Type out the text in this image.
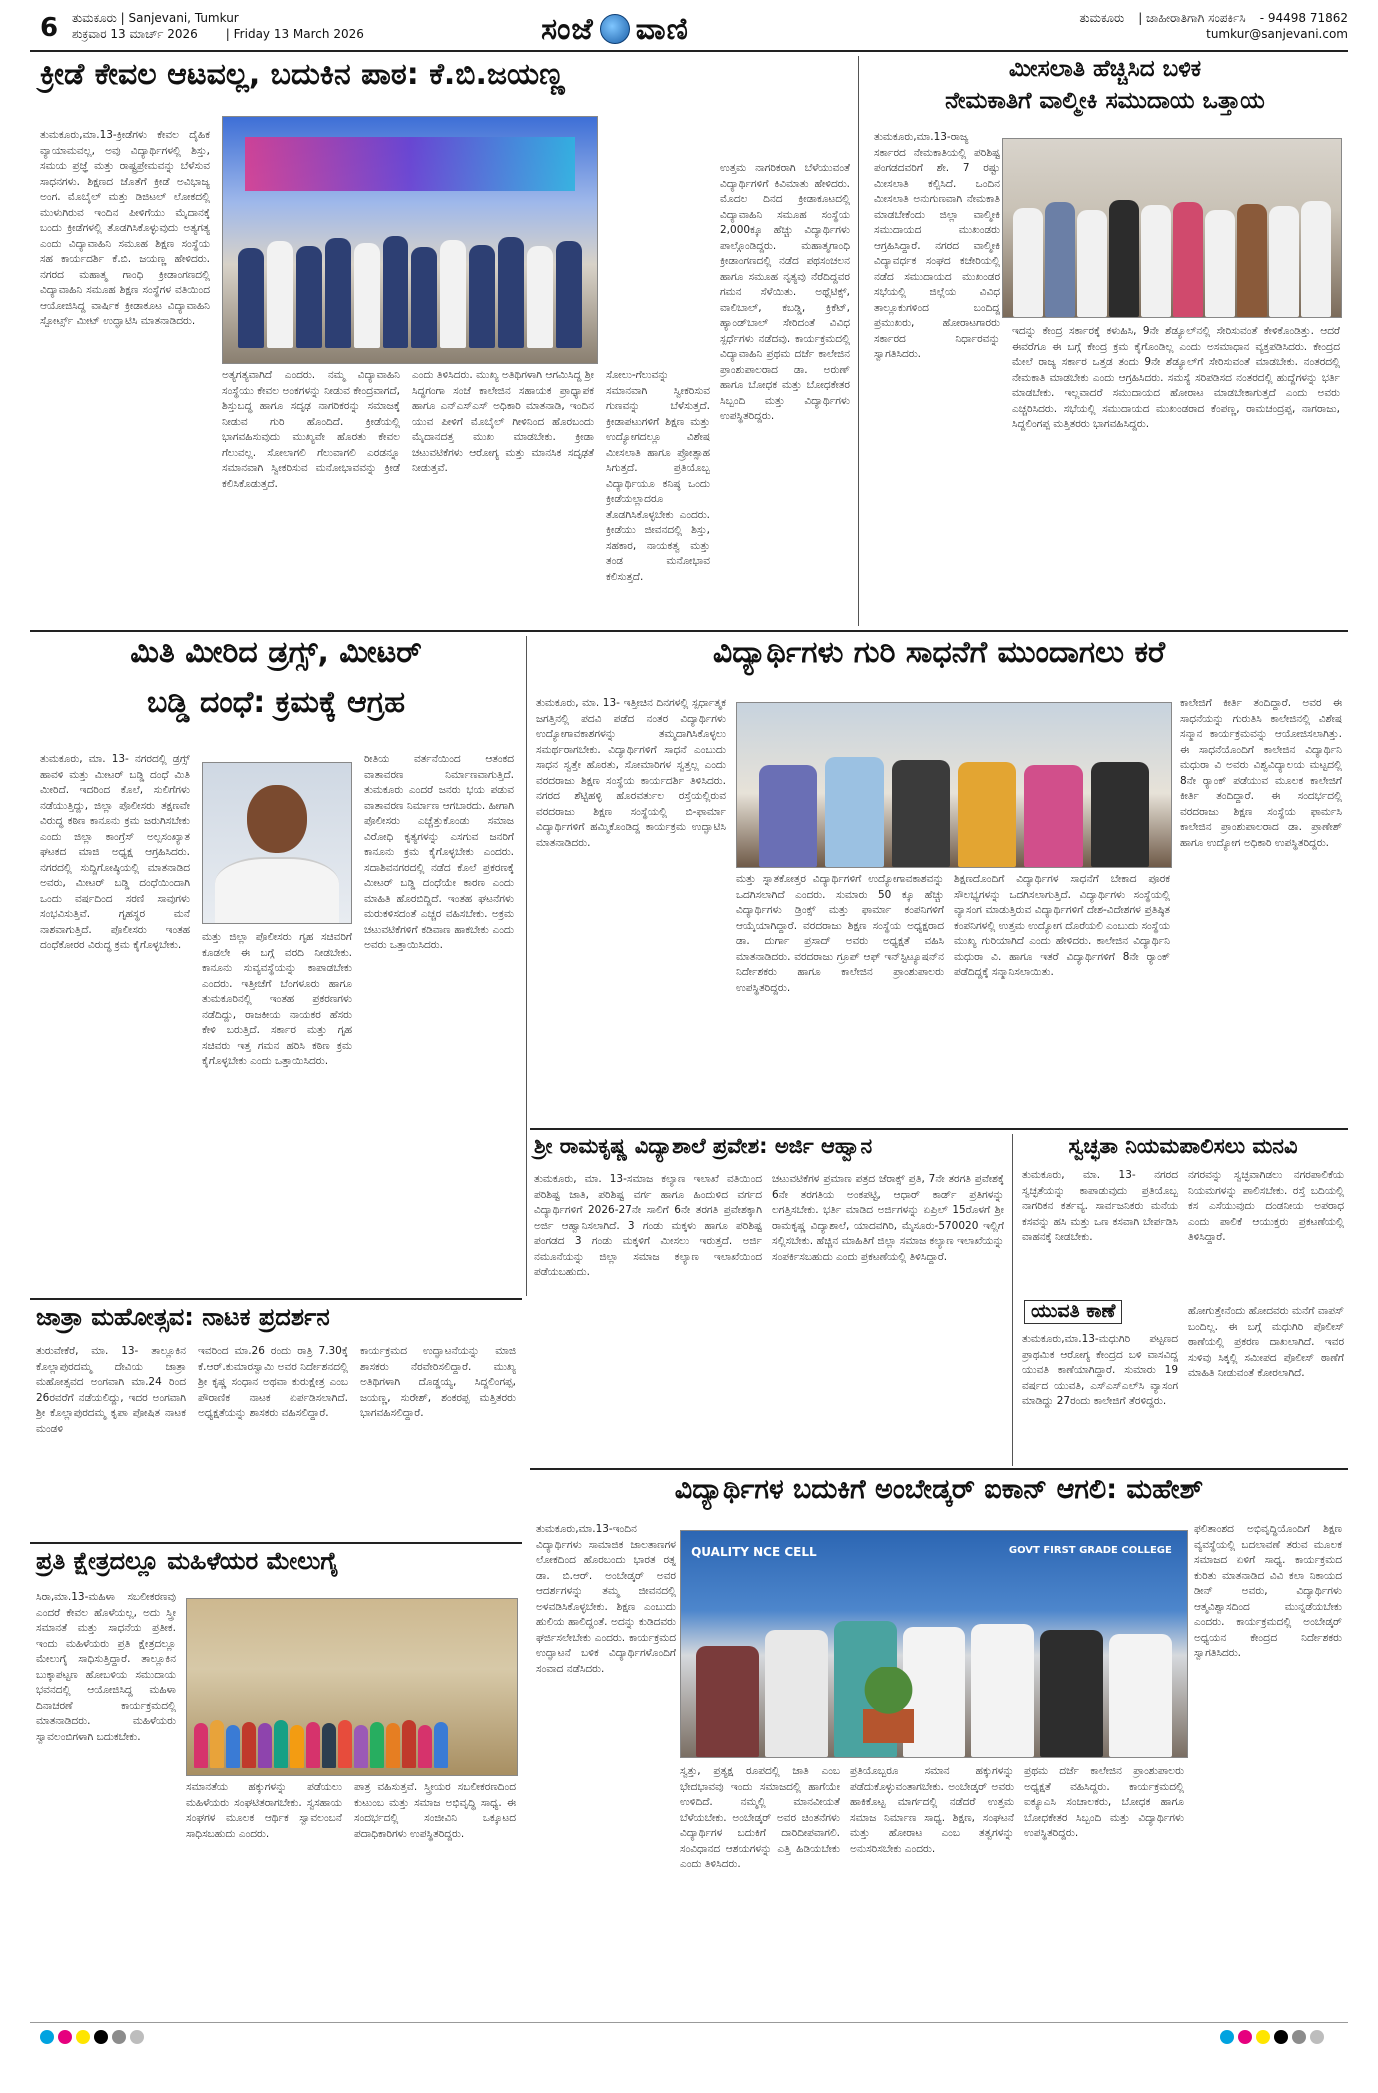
6 ತುಮಕೂರು | Sanjevani, Tumkur
ಶುಕ್ರವಾರ 13 ಮಾರ್ಚ್ 2026 | Friday 13 March 2026	ಸಂಜೆ ವಾಣಿ	ತುಮಕೂರು | ಜಾಹೀರಾತಿಗಾಗಿ ಸಂಪರ್ಕಿಸಿ - 94498 71862
tumkur@sanjevani.com
ಕ್ರೀಡೆ ಕೇವಲ ಆಟವಲ್ಲ, ಬದುಕಿನ ಪಾಠ: ಕೆ.ಬಿ.ಜಯಣ್ಣ
ತುಮಕೂರು,ಮಾ.13-ಕ್ರೀಡೆಗಳು ಕೇವಲ ದೈಹಿಕ ವ್ಯಾಯಾಮವಲ್ಲ, ಅವು ವಿದ್ಯಾರ್ಥಿಗಳಲ್ಲಿ ಶಿಸ್ತು, ಸಮಯ ಪ್ರಜ್ಞೆ ಮತ್ತು ರಾಷ್ಟ್ರಪ್ರೇಮವನ್ನು ಬೆಳೆಸುವ ಸಾಧನಗಳು. ಶಿಕ್ಷಣದ ಜೊತೆಗೆ ಕ್ರೀಡೆ ಅವಿಭಾಜ್ಯ ಅಂಗ. ಮೊಬೈಲ್ ಮತ್ತು ಡಿಜಿಟಲ್ ಲೋಕದಲ್ಲಿ ಮುಳುಗಿರುವ ಇಂದಿನ ಪೀಳಿಗೆಯು ಮೈದಾನಕ್ಕೆ ಬಂದು ಕ್ರೀಡೆಗಳಲ್ಲಿ ತೊಡಗಿಸಿಕೊಳ್ಳುವುದು ಅತ್ಯಗತ್ಯ ಎಂದು ವಿದ್ಯಾವಾಹಿನಿ ಸಮೂಹ ಶಿಕ್ಷಣ ಸಂಸ್ಥೆಯ ಸಹ ಕಾರ್ಯದರ್ಶಿ ಕೆ.ಬಿ. ಜಯಣ್ಣ ಹೇಳಿದರು. ನಗರದ ಮಹಾತ್ಮ ಗಾಂಧಿ ಕ್ರೀಡಾಂಗಣದಲ್ಲಿ ವಿದ್ಯಾವಾಹಿನಿ ಸಮೂಹ ಶಿಕ್ಷಣ ಸಂಸ್ಥೆಗಳ ವತಿಯಿಂದ ಆಯೋಜಿಸಿದ್ದ ವಾರ್ಷಿಕ ಕ್ರೀಡಾಕೂಟ ವಿದ್ಯಾವಾಹಿನಿ ಸ್ಪೋರ್ಟ್ಸ್ ಮೀಟ್ ಉದ್ಘಾಟಿಸಿ ಮಾತನಾಡಿದರು.
ಅತ್ಯಗತ್ಯವಾಗಿದೆ ಎಂದರು. ನಮ್ಮ ವಿದ್ಯಾವಾಹಿನಿ ಸಂಸ್ಥೆಯು ಕೇವಲ ಅಂಕಗಳನ್ನು ನೀಡುವ ಕೇಂದ್ರವಾಗದೆ, ಶಿಸ್ತುಬದ್ಧ ಹಾಗೂ ಸದೃಢ ನಾಗರಿಕರನ್ನು ಸಮಾಜಕ್ಕೆ ನೀಡುವ ಗುರಿ ಹೊಂದಿದೆ. ಕ್ರೀಡೆಯಲ್ಲಿ ಭಾಗವಹಿಸುವುದು ಮುಖ್ಯವೇ ಹೊರತು ಕೇವಲ ಗೆಲುವಲ್ಲ. ಸೋಲಾಗಲಿ ಗೆಲುವಾಗಲಿ ಎರಡನ್ನೂ ಸಮಾನವಾಗಿ ಸ್ವೀಕರಿಸುವ ಮನೋಭಾವವನ್ನು ಕ್ರೀಡೆ ಕಲಿಸಿಕೊಡುತ್ತದೆ.
ಎಂದು ತಿಳಿಸಿದರು. ಮುಖ್ಯ ಅತಿಥಿಗಳಾಗಿ ಆಗಮಿಸಿದ್ದ ಶ್ರೀ ಸಿದ್ಧಗಂಗಾ ಸಂಜೆ ಕಾಲೇಜಿನ ಸಹಾಯಕ ಪ್ರಾಧ್ಯಾಪಕ ಹಾಗೂ ಎನ್‌ಎಸ್‌ಎಸ್ ಅಧಿಕಾರಿ ಮಾತನಾಡಿ, ಇಂದಿನ ಯುವ ಪೀಳಿಗೆ ಮೊಬೈಲ್ ಗೀಳಿನಿಂದ ಹೊರಬಂದು ಮೈದಾನದತ್ತ ಮುಖ ಮಾಡಬೇಕು. ಕ್ರೀಡಾ ಚಟುವಟಿಕೆಗಳು ಆರೋಗ್ಯ ಮತ್ತು ಮಾನಸಿಕ ಸದೃಢತೆ ನೀಡುತ್ತವೆ.
ಸೋಲು-ಗೆಲುವನ್ನು ಸಮಾನವಾಗಿ ಸ್ವೀಕರಿಸುವ ಗುಣವನ್ನು ಬೆಳೆಸುತ್ತದೆ. ಕ್ರೀಡಾಪಟುಗಳಿಗೆ ಶಿಕ್ಷಣ ಮತ್ತು ಉದ್ಯೋಗದಲ್ಲೂ ವಿಶೇಷ ಮೀಸಲಾತಿ ಹಾಗೂ ಪ್ರೋತ್ಸಾಹ ಸಿಗುತ್ತದೆ. ಪ್ರತಿಯೊಬ್ಬ ವಿದ್ಯಾರ್ಥಿಯೂ ಕನಿಷ್ಠ ಒಂದು ಕ್ರೀಡೆಯಲ್ಲಾದರೂ ತೊಡಗಿಸಿಕೊಳ್ಳಬೇಕು ಎಂದರು. ಕ್ರೀಡೆಯು ಜೀವನದಲ್ಲಿ ಶಿಸ್ತು, ಸಹಕಾರ, ನಾಯಕತ್ವ ಮತ್ತು ತಂಡ ಮನೋಭಾವ ಕಲಿಸುತ್ತದೆ.
ಉತ್ತಮ ನಾಗರಿಕರಾಗಿ ಬೆಳೆಯುವಂತೆ ವಿದ್ಯಾರ್ಥಿಗಳಿಗೆ ಕಿವಿಮಾತು ಹೇಳಿದರು. ಮೊದಲ ದಿನದ ಕ್ರೀಡಾಕೂಟದಲ್ಲಿ ವಿದ್ಯಾವಾಹಿನಿ ಸಮೂಹ ಸಂಸ್ಥೆಯ 2,000ಕ್ಕೂ ಹೆಚ್ಚು ವಿದ್ಯಾರ್ಥಿಗಳು ಪಾಲ್ಗೊಂಡಿದ್ದರು. ಮಹಾತ್ಮಗಾಂಧಿ ಕ್ರೀಡಾಂಗಣದಲ್ಲಿ ನಡೆದ ಪಥಸಂಚಲನ ಹಾಗೂ ಸಮೂಹ ನೃತ್ಯವು ನೆರೆದಿದ್ದವರ ಗಮನ ಸೆಳೆಯಿತು. ಅಥ್ಲೆಟಿಕ್ಸ್, ವಾಲಿಬಾಲ್, ಕಬಡ್ಡಿ, ಕ್ರಿಕೆಟ್, ಹ್ಯಾಂಡ್‌ಬಾಲ್ ಸೇರಿದಂತೆ ವಿವಿಧ ಸ್ಪರ್ಧೆಗಳು ನಡೆದವು. ಕಾರ್ಯಕ್ರಮದಲ್ಲಿ ವಿದ್ಯಾವಾಹಿನಿ ಪ್ರಥಮ ದರ್ಜೆ ಕಾಲೇಜಿನ ಪ್ರಾಂಶುಪಾಲರಾದ ಡಾ. ಅರುಣ್ ಹಾಗೂ ಬೋಧಕ ಮತ್ತು ಬೋಧಕೇತರ ಸಿಬ್ಬಂದಿ ಮತ್ತು ವಿದ್ಯಾರ್ಥಿಗಳು ಉಪಸ್ಥಿತರಿದ್ದರು.
ಮೀಸಲಾತಿ ಹೆಚ್ಚಿಸಿದ ಬಳಿಕ
ನೇಮಕಾತಿಗೆ ವಾಲ್ಮೀಕಿ ಸಮುದಾಯ ಒತ್ತಾಯ
ತುಮಕೂರು,ಮಾ.13-ರಾಜ್ಯ ಸರ್ಕಾರದ ನೇಮಕಾತಿಯಲ್ಲಿ ಪರಿಶಿಷ್ಟ ಪಂಗಡದವರಿಗೆ ಶೇ. 7 ರಷ್ಟು ಮೀಸಲಾತಿ ಕಲ್ಪಿಸಿದೆ. ಒಂದಿನ ಮೀಸಲಾತಿ ಅನುಗುಣವಾಗಿ ನೇಮಕಾತಿ ಮಾಡಬೇಕೆಂದು ಜಿಲ್ಲಾ ವಾಲ್ಮೀಕಿ ಸಮುದಾಯದ ಮುಖಂಡರು ಆಗ್ರಹಿಸಿದ್ದಾರೆ. ನಗರದ ವಾಲ್ಮೀಕಿ ವಿದ್ಯಾವರ್ಧಕ ಸಂಘದ ಕಚೇರಿಯಲ್ಲಿ ನಡೆದ ಸಮುದಾಯದ ಮುಖಂಡರ ಸಭೆಯಲ್ಲಿ ಜಿಲ್ಲೆಯ ವಿವಿಧ ತಾಲ್ಲೂಕುಗಳಿಂದ ಬಂದಿದ್ದ ಪ್ರಮುಖರು, ಹೋರಾಟಗಾರರು ಸರ್ಕಾರದ ನಿರ್ಧಾರವನ್ನು ಸ್ವಾಗತಿಸಿದರು.
ಇದನ್ನು ಕೇಂದ್ರ ಸರ್ಕಾರಕ್ಕೆ ಕಳುಹಿಸಿ, 9ನೇ ಶೆಡ್ಯೂಲ್‌ನಲ್ಲಿ ಸೇರಿಸುವಂತೆ ಕೇಳಿಕೊಂಡಿತ್ತು. ಆದರೆ ಈವರೆಗೂ ಈ ಬಗ್ಗೆ ಕೇಂದ್ರ ಕ್ರಮ ಕೈಗೊಂಡಿಲ್ಲ ಎಂದು ಅಸಮಾಧಾನ ವ್ಯಕ್ತಪಡಿಸಿದರು. ಕೇಂದ್ರದ ಮೇಲೆ ರಾಜ್ಯ ಸರ್ಕಾರ ಒತ್ತಡ ತಂದು 9ನೇ ಶೆಡ್ಯೂಲ್‌ಗೆ ಸೇರಿಸುವಂತೆ ಮಾಡಬೇಕು. ನಂತರದಲ್ಲಿ ನೇಮಕಾತಿ ಮಾಡಬೇಕು ಎಂದು ಆಗ್ರಹಿಸಿದರು. ಸಮಸ್ಯೆ ಸರಿಪಡಿಸದ ನಂತರದಲ್ಲಿ ಹುದ್ದೆಗಳನ್ನು ಭರ್ತಿ ಮಾಡಬೇಕು. ಇಲ್ಲವಾದರೆ ಸಮುದಾಯದ ಹೋರಾಟ ಮಾಡಬೇಕಾಗುತ್ತದೆ ಎಂದು ಅವರು ಎಚ್ಚರಿಸಿದರು. ಸಭೆಯಲ್ಲಿ ಸಮುದಾಯದ ಮುಖಂಡರಾದ ಕೆಂಪಣ್ಣ, ರಾಮಚಂದ್ರಪ್ಪ, ನಾಗರಾಜು, ಸಿದ್ದಲಿಂಗಪ್ಪ ಮತ್ತಿತರರು ಭಾಗವಹಿಸಿದ್ದರು.
ಮಿತಿ ಮೀರಿದ ಡ್ರಗ್ಸ್, ಮೀಟರ್
ಬಡ್ಡಿ ದಂಧೆ: ಕ್ರಮಕ್ಕೆ ಆಗ್ರಹ
ತುಮಕೂರು, ಮಾ. 13- ನಗರದಲ್ಲಿ ಡ್ರಗ್ಸ್ ಹಾವಳಿ ಮತ್ತು ಮೀಟರ್ ಬಡ್ಡಿ ದಂಧೆ ಮಿತಿ ಮೀರಿದೆ. ಇದರಿಂದ ಕೊಲೆ, ಸುಲಿಗೆಗಳು ನಡೆಯುತ್ತಿದ್ದು, ಜಿಲ್ಲಾ ಪೊಲೀಸರು ತಕ್ಷಣವೇ ವಿರುದ್ಧ ಕಠಿಣ ಕಾನೂನು ಕ್ರಮ ಜರುಗಿಸಬೇಕು ಎಂದು ಜಿಲ್ಲಾ ಕಾಂಗ್ರೆಸ್ ಅಲ್ಪಸಂಖ್ಯಾತ ಘಟಕದ ಮಾಜಿ ಅಧ್ಯಕ್ಷ ಆಗ್ರಹಿಸಿದರು. ನಗರದಲ್ಲಿ ಸುದ್ದಿಗೋಷ್ಠಿಯಲ್ಲಿ ಮಾತನಾಡಿದ ಅವರು, ಮೀಟರ್ ಬಡ್ಡಿ ದಂಧೆಯಿಂದಾಗಿ ಒಂದು ವರ್ಷದಿಂದ ಸರಣಿ ಸಾವುಗಳು ಸಂಭವಿಸುತ್ತಿವೆ. ಗೃಹಸ್ಥರ ಮನೆ ನಾಶವಾಗುತ್ತಿದೆ. ಪೊಲೀಸರು ಇಂತಹ ದಂಧೆಕೋರರ ವಿರುದ್ಧ ಕ್ರಮ ಕೈಗೊಳ್ಳಬೇಕು.
ಮತ್ತು ಜಿಲ್ಲಾ ಪೊಲೀಸರು ಗೃಹ ಸಚಿವರಿಗೆ ಕೂಡಲೇ ಈ ಬಗ್ಗೆ ವರದಿ ನೀಡಬೇಕು. ಕಾನೂನು ಸುವ್ಯವಸ್ಥೆಯನ್ನು ಕಾಪಾಡಬೇಕು ಎಂದರು. ಇತ್ತೀಚೆಗೆ ಬೆಂಗಳೂರು ಹಾಗೂ ತುಮಕೂರಿನಲ್ಲಿ ಇಂತಹ ಪ್ರಕರಣಗಳು ನಡೆದಿದ್ದು, ರಾಜಕೀಯ ನಾಯಕರ ಹೆಸರು ಕೇಳಿ ಬರುತ್ತಿದೆ. ಸರ್ಕಾರ ಮತ್ತು ಗೃಹ ಸಚಿವರು ಇತ್ತ ಗಮನ ಹರಿಸಿ ಕಠಿಣ ಕ್ರಮ ಕೈಗೊಳ್ಳಬೇಕು ಎಂದು ಒತ್ತಾಯಿಸಿದರು.
ರೀತಿಯ ವರ್ತನೆಯಿಂದ ಆತಂಕದ ವಾತಾವರಣ ನಿರ್ಮಾಣವಾಗುತ್ತಿದೆ. ತುಮಕೂರು ಎಂದರೆ ಜನರು ಭಯ ಪಡುವ ವಾತಾವರಣ ನಿರ್ಮಾಣ ಆಗಬಾರದು. ಹೀಗಾಗಿ ಪೊಲೀಸರು ಎಚ್ಚೆತ್ತುಕೊಂಡು ಸಮಾಜ ವಿರೋಧಿ ಕೃತ್ಯಗಳನ್ನು ಎಸಗುವ ಜನರಿಗೆ ಕಾನೂನು ಕ್ರಮ ಕೈಗೊಳ್ಳಬೇಕು ಎಂದರು. ಸದಾಶಿವನಗರದಲ್ಲಿ ನಡೆದ ಕೊಲೆ ಪ್ರಕರಣಕ್ಕೆ ಮೀಟರ್ ಬಡ್ಡಿ ದಂಧೆಯೇ ಕಾರಣ ಎಂದು ಮಾಹಿತಿ ಹೊರಬಿದ್ದಿದೆ. ಇಂತಹ ಘಟನೆಗಳು ಮರುಕಳಿಸದಂತೆ ಎಚ್ಚರ ವಹಿಸಬೇಕು. ಅಕ್ರಮ ಚಟುವಟಿಕೆಗಳಿಗೆ ಕಡಿವಾಣ ಹಾಕಬೇಕು ಎಂದು ಅವರು ಒತ್ತಾಯಿಸಿದರು.
ವಿದ್ಯಾರ್ಥಿಗಳು ಗುರಿ ಸಾಧನೆಗೆ ಮುಂದಾಗಲು ಕರೆ
ತುಮಕೂರು, ಮಾ. 13- ಇತ್ತೀಚಿನ ದಿನಗಳಲ್ಲಿ ಸ್ಪರ್ಧಾತ್ಮಕ ಜಗತ್ತಿನಲ್ಲಿ ಪದವಿ ಪಡೆದ ನಂತರ ವಿದ್ಯಾರ್ಥಿಗಳು ಉದ್ಯೋಗಾವಕಾಶಗಳನ್ನು ತಮ್ಮದಾಗಿಸಿಕೊಳ್ಳಲು ಸಮರ್ಥರಾಗಬೇಕು. ವಿದ್ಯಾರ್ಥಿಗಳಿಗೆ ಸಾಧನೆ ಎಂಬುದು ಸಾಧನ ಸ್ವತ್ತೇ ಹೊರತು, ಸೋಮಾರಿಗಳ ಸ್ವತ್ತಲ್ಲ ಎಂದು ವರದರಾಜು ಶಿಕ್ಷಣ ಸಂಸ್ಥೆಯ ಕಾರ್ಯದರ್ಶಿ ತಿಳಿಸಿದರು. ನಗರದ ಶೆಟ್ಟಿಹಳ್ಳಿ ಹೊರವರ್ತುಲ ರಸ್ತೆಯಲ್ಲಿರುವ ವರದರಾಜು ಶಿಕ್ಷಣ ಸಂಸ್ಥೆಯಲ್ಲಿ ಬಿ-ಫಾರ್ಮಾ ವಿದ್ಯಾರ್ಥಿಗಳಿಗೆ ಹಮ್ಮಿಕೊಂಡಿದ್ದ ಕಾರ್ಯಕ್ರಮ ಉದ್ಘಾಟಿಸಿ ಮಾತನಾಡಿದರು.
ಮತ್ತು ಸ್ನಾತಕೋತ್ತರ ವಿದ್ಯಾರ್ಥಿಗಳಿಗೆ ಉದ್ಯೋಗಾವಕಾಶವನ್ನು ಒದಗಿಸಲಾಗಿದೆ ಎಂದರು. ಸುಮಾರು 50 ಕ್ಕೂ ಹೆಚ್ಚು ವಿದ್ಯಾರ್ಥಿಗಳು ಡ್ರಿಂಕ್ಸ್ ಮತ್ತು ಫಾರ್ಮಾ ಕಂಪನಿಗಳಿಗೆ ಆಯ್ಕೆಯಾಗಿದ್ದಾರೆ. ವರದರಾಜು ಶಿಕ್ಷಣ ಸಂಸ್ಥೆಯ ಅಧ್ಯಕ್ಷರಾದ ಡಾ. ದುರ್ಗಾ ಪ್ರಸಾದ್ ಅವರು ಅಧ್ಯಕ್ಷತೆ ವಹಿಸಿ ಮಾತನಾಡಿದರು. ವರದರಾಜು ಗ್ರೂಪ್ ಆಫ್ ಇನ್‌ಸ್ಟಿಟ್ಯೂಷನ್‌ನ ನಿರ್ದೇಶಕರು ಹಾಗೂ ಕಾಲೇಜಿನ ಪ್ರಾಂಶುಪಾಲರು ಉಪಸ್ಥಿತರಿದ್ದರು.
ಶಿಕ್ಷಣದೊಂದಿಗೆ ವಿದ್ಯಾರ್ಥಿಗಳ ಸಾಧನೆಗೆ ಬೇಕಾದ ಪೂರಕ ಸೌಲಭ್ಯಗಳನ್ನು ಒದಗಿಸಲಾಗುತ್ತಿದೆ. ವಿದ್ಯಾರ್ಥಿಗಳು ಸಂಸ್ಥೆಯಲ್ಲಿ ವ್ಯಾಸಂಗ ಮಾಡುತ್ತಿರುವ ವಿದ್ಯಾರ್ಥಿಗಳಿಗೆ ದೇಶ-ವಿದೇಶಗಳ ಪ್ರತಿಷ್ಠಿತ ಕಂಪನಿಗಳಲ್ಲಿ ಉತ್ತಮ ಉದ್ಯೋಗ ದೊರೆಯಲಿ ಎಂಬುದು ಸಂಸ್ಥೆಯ ಮುಖ್ಯ ಗುರಿಯಾಗಿದೆ ಎಂದು ಹೇಳಿದರು. ಕಾಲೇಜಿನ ವಿದ್ಯಾರ್ಥಿನಿ ಮಧುರಾ ವಿ. ಹಾಗೂ ಇತರೆ ವಿದ್ಯಾರ್ಥಿಗಳಿಗೆ 8ನೇ ರ್‍ಯಾಂಕ್ ಪಡೆದಿದ್ದಕ್ಕೆ ಸನ್ಮಾನಿಸಲಾಯಿತು.
ಕಾಲೇಜಿಗೆ ಕೀರ್ತಿ ತಂದಿದ್ದಾರೆ. ಅವರ ಈ ಸಾಧನೆಯನ್ನು ಗುರುತಿಸಿ ಕಾಲೇಜಿನಲ್ಲಿ ವಿಶೇಷ ಸನ್ಮಾನ ಕಾರ್ಯಕ್ರಮವನ್ನು ಆಯೋಜಿಸಲಾಗಿತ್ತು. ಈ ಸಾಧನೆಯೊಂದಿಗೆ ಕಾಲೇಜಿನ ವಿದ್ಯಾರ್ಥಿನಿ ಮಧುರಾ ವಿ ಅವರು ವಿಶ್ವವಿದ್ಯಾಲಯ ಮಟ್ಟದಲ್ಲಿ 8ನೇ ರ್‍ಯಾಂಕ್ ಪಡೆಯುವ ಮೂಲಕ ಕಾಲೇಜಿಗೆ ಕೀರ್ತಿ ತಂದಿದ್ದಾರೆ. ಈ ಸಂದರ್ಭದಲ್ಲಿ ವರದರಾಜು ಶಿಕ್ಷಣ ಸಂಸ್ಥೆಯ ಫಾರ್ಮಸಿ ಕಾಲೇಜಿನ ಪ್ರಾಂಶುಪಾಲರಾದ ಡಾ. ಪ್ರಾಣೇಶ್ ಹಾಗೂ ಉದ್ಯೋಗ ಅಧಿಕಾರಿ ಉಪಸ್ಥಿತರಿದ್ದರು.
ಶ್ರೀ ರಾಮಕೃಷ್ಣ ವಿದ್ಯಾಶಾಲೆ ಪ್ರವೇಶ: ಅರ್ಜಿ ಆಹ್ವಾನ
ತುಮಕೂರು, ಮಾ. 13-ಸಮಾಜ ಕಲ್ಯಾಣ ಇಲಾಖೆ ವತಿಯಿಂದ ಪರಿಶಿಷ್ಟ ಜಾತಿ, ಪರಿಶಿಷ್ಟ ವರ್ಗ ಹಾಗೂ ಹಿಂದುಳಿದ ವರ್ಗದ ವಿದ್ಯಾರ್ಥಿಗಳಿಗೆ 2026-27ನೇ ಸಾಲಿಗೆ 6ನೇ ತರಗತಿ ಪ್ರವೇಶಕ್ಕಾಗಿ ಅರ್ಜಿ ಆಹ್ವಾನಿಸಲಾಗಿದೆ. 3 ಗಂಡು ಮಕ್ಕಳು ಹಾಗೂ ಪರಿಶಿಷ್ಟ ಪಂಗಡದ 3 ಗಂಡು ಮಕ್ಕಳಿಗೆ ಮೀಸಲು ಇರುತ್ತದೆ. ಅರ್ಜಿ ನಮೂನೆಯನ್ನು ಜಿಲ್ಲಾ ಸಮಾಜ ಕಲ್ಯಾಣ ಇಲಾಖೆಯಿಂದ ಪಡೆಯಬಹುದು.
ಚಟುವಟಿಕೆಗಳ ಪ್ರಮಾಣ ಪತ್ರದ ಜೆರಾಕ್ಸ್ ಪ್ರತಿ, 7ನೇ ತರಗತಿ ಪ್ರವೇಶಕ್ಕೆ 6ನೇ ತರಗತಿಯ ಅಂಕಪಟ್ಟಿ, ಆಧಾರ್ ಕಾರ್ಡ್ ಪ್ರತಿಗಳನ್ನು ಲಗತ್ತಿಸಬೇಕು. ಭರ್ತಿ ಮಾಡಿದ ಅರ್ಜಿಗಳನ್ನು ಏಪ್ರಿಲ್ 15ರೊಳಗೆ ಶ್ರೀ ರಾಮಕೃಷ್ಣ ವಿದ್ಯಾಶಾಲೆ, ಯಾದವಗಿರಿ, ಮೈಸೂರು-570020 ಇಲ್ಲಿಗೆ ಸಲ್ಲಿಸಬೇಕು. ಹೆಚ್ಚಿನ ಮಾಹಿತಿಗೆ ಜಿಲ್ಲಾ ಸಮಾಜ ಕಲ್ಯಾಣ ಇಲಾಖೆಯನ್ನು ಸಂಪರ್ಕಿಸಬಹುದು ಎಂದು ಪ್ರಕಟಣೆಯಲ್ಲಿ ತಿಳಿಸಿದ್ದಾರೆ.
ಸ್ವಚ್ಛತಾ ನಿಯಮಪಾಲಿಸಲು ಮನವಿ
ತುಮಕೂರು, ಮಾ. 13- ನಗರದ ಸ್ವಚ್ಛತೆಯನ್ನು ಕಾಪಾಡುವುದು ಪ್ರತಿಯೊಬ್ಬ ನಾಗರಿಕನ ಕರ್ತವ್ಯ. ಸಾರ್ವಜನಿಕರು ಮನೆಯ ಕಸವನ್ನು ಹಸಿ ಮತ್ತು ಒಣ ಕಸವಾಗಿ ಬೇರ್ಪಡಿಸಿ ವಾಹನಕ್ಕೆ ನೀಡಬೇಕು.
ನಗರವನ್ನು ಸ್ವಚ್ಛವಾಗಿಡಲು ನಗರಪಾಲಿಕೆಯ ನಿಯಮಗಳನ್ನು ಪಾಲಿಸಬೇಕು. ರಸ್ತೆ ಬದಿಯಲ್ಲಿ ಕಸ ಎಸೆಯುವುದು ದಂಡನೀಯ ಅಪರಾಧ ಎಂದು ಪಾಲಿಕೆ ಆಯುಕ್ತರು ಪ್ರಕಟಣೆಯಲ್ಲಿ ತಿಳಿಸಿದ್ದಾರೆ.
ಯುವತಿ ಕಾಣೆ
ತುಮಕೂರು,ಮಾ.13-ಮಧುಗಿರಿ ಪಟ್ಟಣದ ಪ್ರಾಥಮಿಕ ಆರೋಗ್ಯ ಕೇಂದ್ರದ ಬಳಿ ವಾಸವಿದ್ದ ಯುವತಿ ಕಾಣೆಯಾಗಿದ್ದಾರೆ. ಸುಮಾರು 19 ವರ್ಷದ ಯುವತಿ, ಎಸ್‌ಎಸ್‌ಎಲ್‌ಸಿ ವ್ಯಾಸಂಗ ಮಾಡಿದ್ದು 27ರಂದು ಕಾಲೇಜಿಗೆ ತೆರಳಿದ್ದರು.
ಹೋಗುತ್ತೇನೆಂದು ಹೋದವರು ಮನೆಗೆ ವಾಪಸ್ ಬಂದಿಲ್ಲ. ಈ ಬಗ್ಗೆ ಮಧುಗಿರಿ ಪೊಲೀಸ್ ಠಾಣೆಯಲ್ಲಿ ಪ್ರಕರಣ ದಾಖಲಾಗಿದೆ. ಇವರ ಸುಳಿವು ಸಿಕ್ಕಲ್ಲಿ ಸಮೀಪದ ಪೊಲೀಸ್ ಠಾಣೆಗೆ ಮಾಹಿತಿ ನೀಡುವಂತೆ ಕೋರಲಾಗಿದೆ.
ಜಾತ್ರಾ ಮಹೋತ್ಸವ: ನಾಟಕ ಪ್ರದರ್ಶನ
ತುರುವೇಕೆರೆ, ಮಾ. 13- ತಾಲ್ಲೂಕಿನ ಕೊಲ್ಲಾಪುರದಮ್ಮ ದೇವಿಯ ಜಾತ್ರಾ ಮಹೋತ್ಸವದ ಅಂಗವಾಗಿ ಮಾ.24 ರಿಂದ 26ರವರೆಗೆ ನಡೆಯಲಿದ್ದು, ಇದರ ಅಂಗವಾಗಿ ಶ್ರೀ ಕೊಲ್ಲಾಪುರದಮ್ಮ ಕೃಪಾ ಪೋಷಿತ ನಾಟಕ ಮಂಡಳಿ
ಇವರಿಂದ ಮಾ.26 ರಂದು ರಾತ್ರಿ 7.30ಕ್ಕೆ ಕೆ.ಆರ್.ಕುಮಾರಸ್ವಾಮಿ ಅವರ ನಿರ್ದೇಶನದಲ್ಲಿ ಶ್ರೀ ಕೃಷ್ಣ ಸಂಧಾನ ಅಥವಾ ಕುರುಕ್ಷೇತ್ರ ಎಂಬ ಪೌರಾಣಿಕ ನಾಟಕ ಏರ್ಪಡಿಸಲಾಗಿದೆ. ಅಧ್ಯಕ್ಷತೆಯನ್ನು ಶಾಸಕರು ವಹಿಸಲಿದ್ದಾರೆ.
ಕಾರ್ಯಕ್ರಮದ ಉದ್ಘಾಟನೆಯನ್ನು ಮಾಜಿ ಶಾಸಕರು ನೆರವೇರಿಸಲಿದ್ದಾರೆ. ಮುಖ್ಯ ಅತಿಥಿಗಳಾಗಿ ದೊಡ್ಡಯ್ಯ, ಸಿದ್ದಲಿಂಗಪ್ಪ, ಜಯಣ್ಣ, ಸುರೇಶ್, ಶಂಕರಪ್ಪ ಮತ್ತಿತರರು ಭಾಗವಹಿಸಲಿದ್ದಾರೆ.
ಪ್ರತಿ ಕ್ಷೇತ್ರದಲ್ಲೂ ಮಹಿಳೆಯರ ಮೇಲುಗೈ
ಸಿರಾ,ಮಾ.13-ಮಹಿಳಾ ಸಬಲೀಕರಣವು ಎಂದರೆ ಕೇವಲ ಹೊಳೆಯಲ್ಲ, ಅದು ಸ್ತ್ರೀ ಸಮಾನತೆ ಮತ್ತು ಸಾಧನೆಯ ಪ್ರತೀಕ. ಇಂದು ಮಹಿಳೆಯರು ಪ್ರತಿ ಕ್ಷೇತ್ರದಲ್ಲೂ ಮೇಲುಗೈ ಸಾಧಿಸುತ್ತಿದ್ದಾರೆ. ತಾಲ್ಲೂಕಿನ ಬುಕ್ಕಾಪಟ್ಟಣ ಹೋಬಳಿಯ ಸಮುದಾಯ ಭವನದಲ್ಲಿ ಆಯೋಜಿಸಿದ್ದ ಮಹಿಳಾ ದಿನಾಚರಣೆ ಕಾರ್ಯಕ್ರಮದಲ್ಲಿ ಮಾತನಾಡಿದರು. ಮಹಿಳೆಯರು ಸ್ವಾವಲಂಬಿಗಳಾಗಿ ಬದುಕಬೇಕು.
ಸಮಾನತೆಯ ಹಕ್ಕುಗಳನ್ನು ಪಡೆಯಲು ಮಹಿಳೆಯರು ಸಂಘಟಿತರಾಗಬೇಕು. ಸ್ವಸಹಾಯ ಸಂಘಗಳ ಮೂಲಕ ಆರ್ಥಿಕ ಸ್ವಾವಲಂಬನೆ ಸಾಧಿಸಬಹುದು ಎಂದರು.
ಪಾತ್ರ ವಹಿಸುತ್ತವೆ. ಸ್ತ್ರೀಯರ ಸಬಲೀಕರಣದಿಂದ ಕುಟುಂಬ ಮತ್ತು ಸಮಾಜ ಅಭಿವೃದ್ಧಿ ಸಾಧ್ಯ. ಈ ಸಂದರ್ಭದಲ್ಲಿ ಸಂಜೀವಿನಿ ಒಕ್ಕೂಟದ ಪದಾಧಿಕಾರಿಗಳು ಉಪಸ್ಥಿತರಿದ್ದರು.
ವಿದ್ಯಾರ್ಥಿಗಳ ಬದುಕಿಗೆ ಅಂಬೇಡ್ಕರ್ ಐಕಾನ್ ಆಗಲಿ: ಮಹೇಶ್
ತುಮಕೂರು,ಮಾ.13-ಇಂದಿನ ವಿದ್ಯಾರ್ಥಿಗಳು ಸಾಮಾಜಿಕ ಜಾಲತಾಣಗಳ ಲೋಕದಿಂದ ಹೊರಬಂದು ಭಾರತ ರತ್ನ ಡಾ. ಬಿ.ಆರ್. ಅಂಬೇಡ್ಕರ್ ಅವರ ಆದರ್ಶಗಳನ್ನು ತಮ್ಮ ಜೀವನದಲ್ಲಿ ಅಳವಡಿಸಿಕೊಳ್ಳಬೇಕು. ಶಿಕ್ಷಣ ಎಂಬುದು ಹುಲಿಯ ಹಾಲಿದ್ದಂತೆ. ಅದನ್ನು ಕುಡಿದವರು ಘರ್ಜಿಸಲೇಬೇಕು ಎಂದರು. ಕಾರ್ಯಕ್ರಮದ ಉದ್ಘಾಟನೆ ಬಳಿಕ ವಿದ್ಯಾರ್ಥಿಗಳೊಂದಿಗೆ ಸಂವಾದ ನಡೆಸಿದರು.
QUALITY NCE CELL	GOVT FIRST GRADE COLLEGE
ಸ್ವತ್ತು, ಪ್ರತ್ಯಕ್ಷ ರೂಪದಲ್ಲಿ ಜಾತಿ ಎಂಬ ಭೇದಭಾವವು ಇಂದು ಸಮಾಜದಲ್ಲಿ ಹಾಗೆಯೇ ಉಳಿದಿದೆ. ನಮ್ಮಲ್ಲಿ ಮಾನವೀಯತೆ ಬೆಳೆಯಬೇಕು. ಅಂಬೇಡ್ಕರ್ ಅವರ ಚಿಂತನೆಗಳು ವಿದ್ಯಾರ್ಥಿಗಳ ಬದುಕಿಗೆ ದಾರಿದೀಪವಾಗಲಿ. ಸಂವಿಧಾನದ ಆಶಯಗಳನ್ನು ಎತ್ತಿ ಹಿಡಿಯಬೇಕು ಎಂದು ತಿಳಿಸಿದರು.
ಪ್ರತಿಯೊಬ್ಬರೂ ಸಮಾನ ಹಕ್ಕುಗಳನ್ನು ಪಡೆದುಕೊಳ್ಳುವಂತಾಗಬೇಕು. ಅಂಬೇಡ್ಕರ್ ಅವರು ಹಾಕಿಕೊಟ್ಟ ಮಾರ್ಗದಲ್ಲಿ ನಡೆದರೆ ಉತ್ತಮ ಸಮಾಜ ನಿರ್ಮಾಣ ಸಾಧ್ಯ. ಶಿಕ್ಷಣ, ಸಂಘಟನೆ ಮತ್ತು ಹೋರಾಟ ಎಂಬ ತತ್ವಗಳನ್ನು ಅನುಸರಿಸಬೇಕು ಎಂದರು.
ಪ್ರಥಮ ದರ್ಜೆ ಕಾಲೇಜಿನ ಪ್ರಾಂಶುಪಾಲರು ಅಧ್ಯಕ್ಷತೆ ವಹಿಸಿದ್ದರು. ಕಾರ್ಯಕ್ರಮದಲ್ಲಿ ಐಕ್ಯೂಎಸಿ ಸಂಚಾಲಕರು, ಬೋಧಕ ಹಾಗೂ ಬೋಧಕೇತರ ಸಿಬ್ಬಂದಿ ಮತ್ತು ವಿದ್ಯಾರ್ಥಿಗಳು ಉಪಸ್ಥಿತರಿದ್ದರು.
ಫಲಿತಾಂಶದ ಅಭಿವೃದ್ಧಿಯೊಂದಿಗೆ ಶಿಕ್ಷಣ ವ್ಯವಸ್ಥೆಯಲ್ಲಿ ಬದಲಾವಣೆ ತರುವ ಮೂಲಕ ಸಮಾಜದ ಏಳಿಗೆ ಸಾಧ್ಯ. ಕಾರ್ಯಕ್ರಮದ ಕುರಿತು ಮಾತನಾಡಿದ ವಿವಿ ಕಲಾ ನಿಕಾಯದ ಡೀನ್ ಅವರು, ವಿದ್ಯಾರ್ಥಿಗಳು ಆತ್ಮವಿಶ್ವಾಸದಿಂದ ಮುನ್ನಡೆಯಬೇಕು ಎಂದರು. ಕಾರ್ಯಕ್ರಮದಲ್ಲಿ ಅಂಬೇಡ್ಕರ್ ಅಧ್ಯಯನ ಕೇಂದ್ರದ ನಿರ್ದೇಶಕರು ಸ್ವಾಗತಿಸಿದರು.
